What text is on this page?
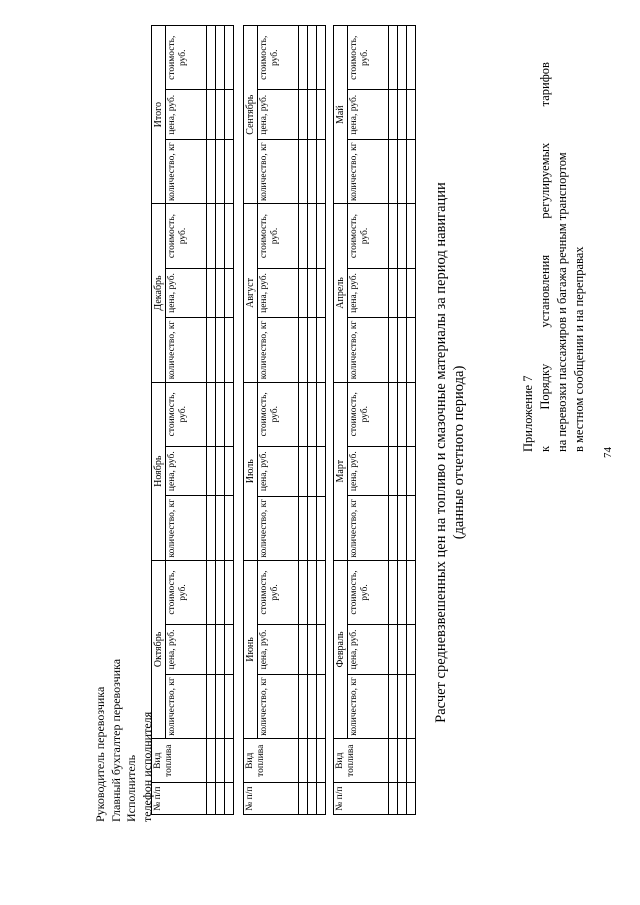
74
Приложение 7 к
Порядку
установления
регулируемых
тарифов
на перевозки пассажиров и багажа речным транспортом в местном сообщении и на переправах
Расчет средневзвешенных цен на топливо и смазочные материалы за период навигации (данные отчетного периода)
№ п/п	Вид топлива	Февраль			Март			Апрель			Май		
		количество, кг	цена, руб.	стоимость, руб.	количество, кг	цена, руб.	стоимость, руб.	количество, кг	цена, руб.	стоимость, руб.	количество, кг	цена, руб.	стоимость, руб.

№ п/п	Вид топлива	Июнь			Июль			Август			Сентябрь		
		количество, кг	цена, руб.	стоимость, руб.	количество, кг	цена, руб.	стоимость, руб.	количество, кг	цена, руб.	стоимость, руб.	количество, кг	цена, руб.	стоимость, руб.

№ п/п	Вид топлива	Октябрь			Ноябрь			Декабрь			Итого		
		количество, кг	цена, руб.	стоимость, руб.	количество, кг	цена, руб.	стоимость, руб.	количество, кг	цена, руб.	стоимость, руб.	количество, кг	цена, руб.	стоимость, руб.

Руководитель перевозчика Главный бухгалтер перевозчика Исполнитель телефон исполнителя
